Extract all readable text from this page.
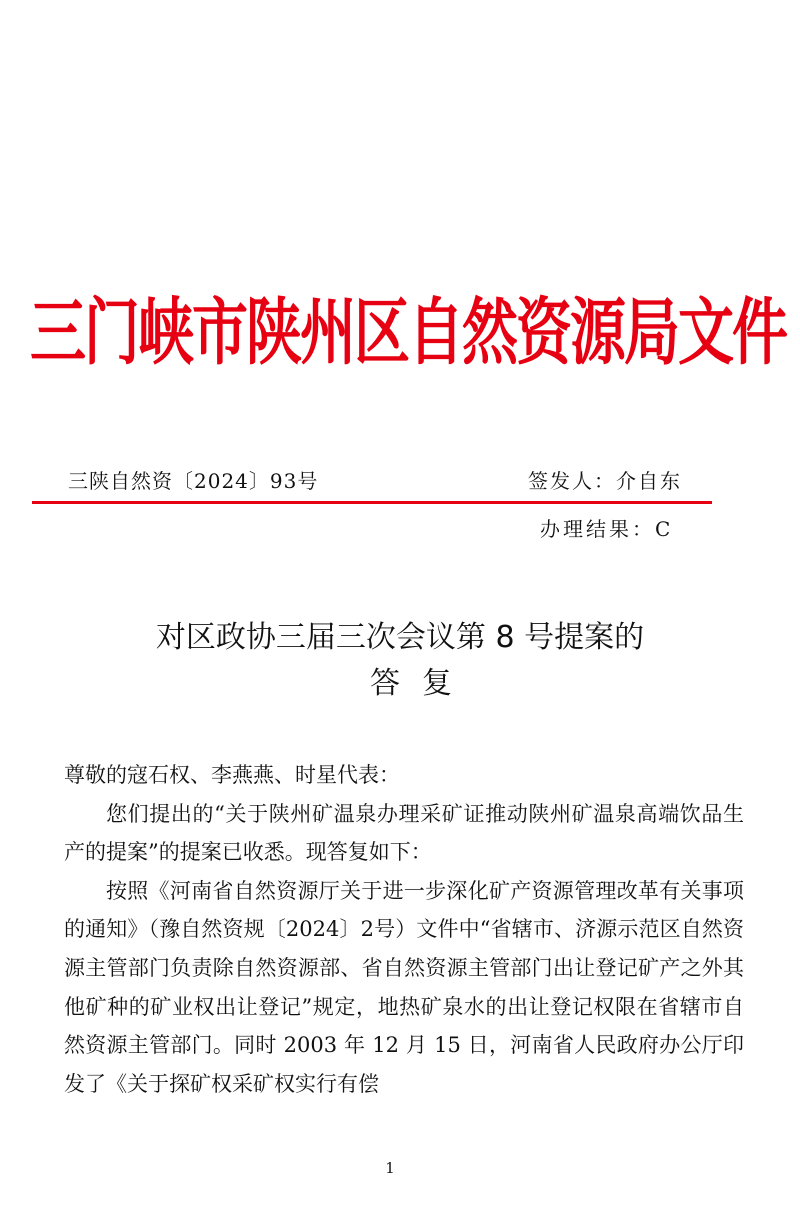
三门峡市陕州区自然资源局文件
三陕自然资〔2024〕93号	签发人：介自东
办理结果：C
对区政协三届三次会议第 8 号提案的
答复

尊敬的寇石权、李燕燕、时星代表：

您们提出的“关于陕州矿温泉办理采矿证推动陕州矿温泉高端饮品生产的提案”的提案已收悉。现答复如下：

按照《河南省自然资源厅关于进一步深化矿产资源管理改革有关事项的通知》（豫自然资规〔2024〕2号）文件中“省辖市、济源示范区自然资源主管部门负责除自然资源部、省自然资源主管部门出让登记矿产之外其他矿种的矿业权出让登记”规定，地热矿泉水的出让登记权限在省辖市自然资源主管部门。同时 2003 年 12 月 15 日，河南省人民政府办公厅印发了《关于探矿权采矿权实行有偿

1
